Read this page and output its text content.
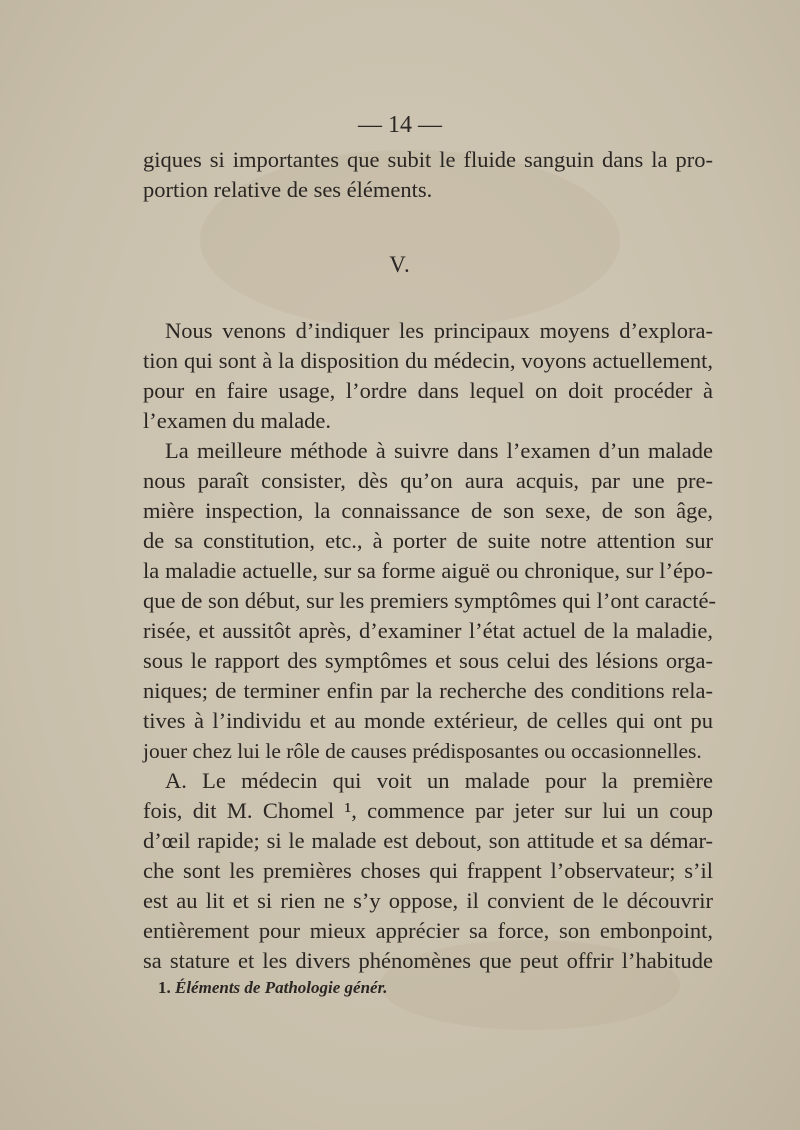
— 14 —
giques si importantes que subit le fluide sanguin dans la pro-
portion relative de ses éléments.
V.
Nous venons d’indiquer les principaux moyens d’explora-
tion qui sont à la disposition du médecin, voyons actuellement,
pour en faire usage, l’ordre dans lequel on doit procéder à
l’examen du malade.
La meilleure méthode à suivre dans l’examen d’un malade
nous paraît consister, dès qu’on aura acquis, par une pre-
mière inspection, la connaissance de son sexe, de son âge,
de sa constitution, etc., à porter de suite notre attention sur
la maladie actuelle, sur sa forme aiguë ou chronique, sur l’épo-
que de son début, sur les premiers symptômes qui l’ont caracté-
risée, et aussitôt après, d’examiner l’état actuel de la maladie,
sous le rapport des symptômes et sous celui des lésions orga-
niques; de terminer enfin par la recherche des conditions rela-
tives à l’individu et au monde extérieur, de celles qui ont pu
jouer chez lui le rôle de causes prédisposantes ou occasionnelles.
A. Le médecin qui voit un malade pour la première
fois, dit M. Chomel ¹, commence par jeter sur lui un coup
d’œil rapide; si le malade est debout, son attitude et sa démar-
che sont les premières choses qui frappent l’observateur; s’il
est au lit et si rien ne s’y oppose, il convient de le découvrir
entièrement pour mieux apprécier sa force, son embonpoint,
sa stature et les divers phénomènes que peut offrir l’habitude
1. Éléments de Pathologie génér.
